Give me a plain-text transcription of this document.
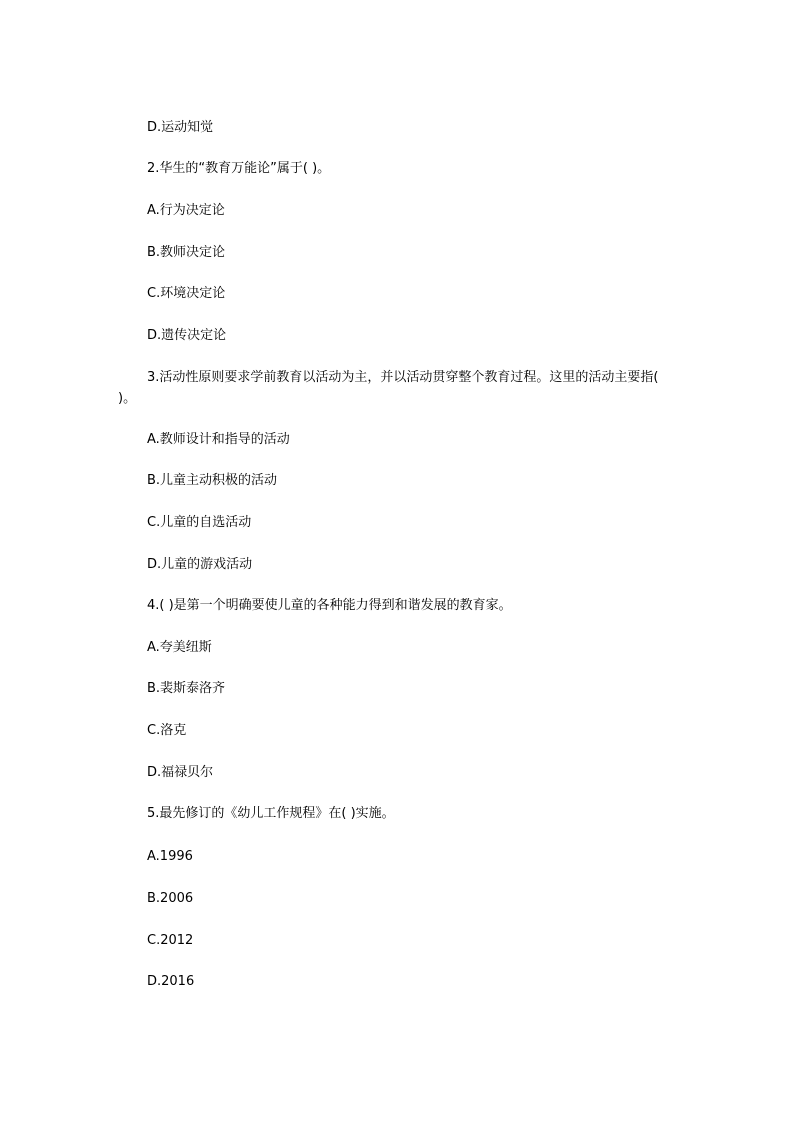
D.运动知觉
2.华生的“教育万能论”属于( )。
A.行为决定论
B.教师决定论
C.环境决定论
D.遗传决定论
3.活动性原则要求学前教育以活动为主，并以活动贯穿整个教育过程。这里的活动主要指( )。
A.教师设计和指导的活动
B.儿童主动积极的活动
C.儿童的自选活动
D.儿童的游戏活动
4.( )是第一个明确要使儿童的各种能力得到和谐发展的教育家。
A.夸美纽斯
B.裴斯泰洛齐
C.洛克
D.福禄贝尔
5.最先修订的《幼儿工作规程》在( )实施。
A.1996
B.2006
C.2012
D.2016
